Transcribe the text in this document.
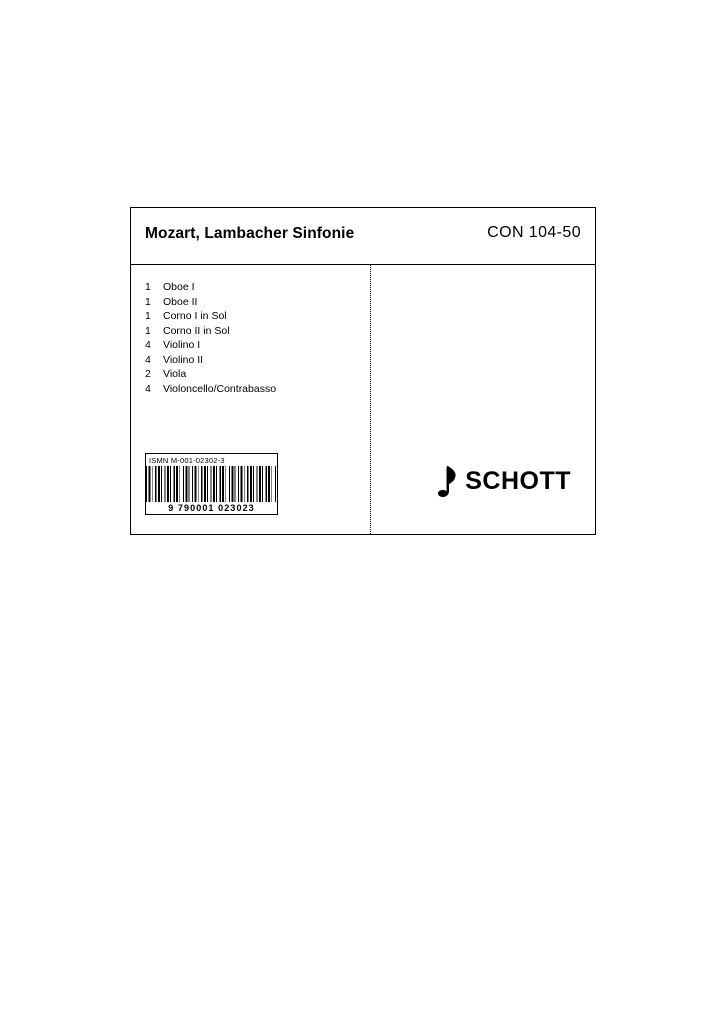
Mozart, Lambacher Sinfonie	CON 104-50
1	Oboe I
1	Oboe II
1	Corno I in Sol
1	Corno II in Sol
4	Violino I
4	Violino II
2	Viola
4	Violoncello/Contrabasso
ISMN M-001-02302-3
9 790001 023023
SCHOTT
